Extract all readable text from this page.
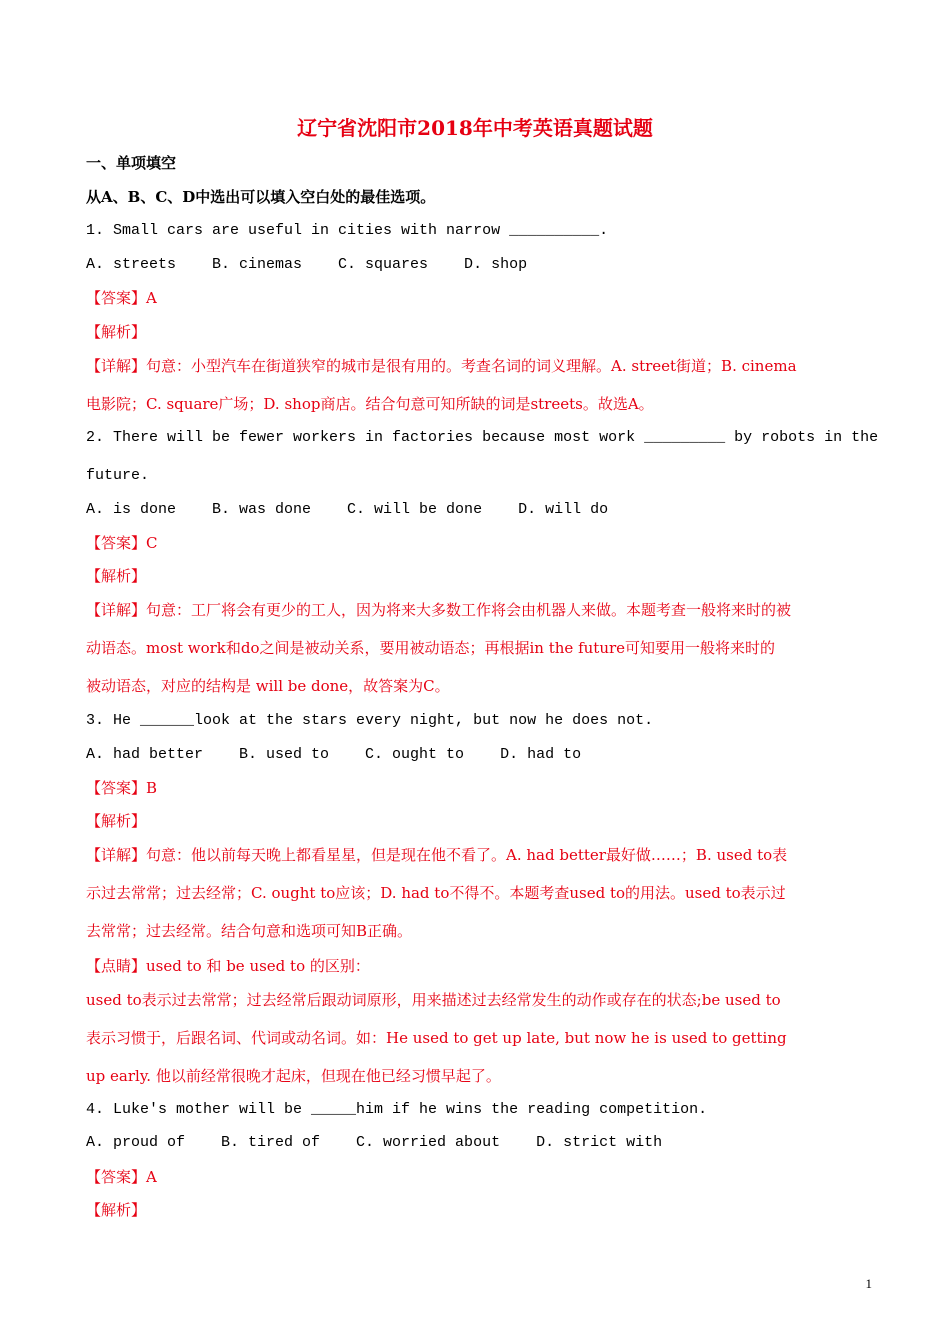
辽宁省沈阳市2018年中考英语真题试题
一、单项填空
从A、B、C、D中选出可以填入空白处的最佳选项。
1. Small cars are useful in cities with narrow __________.
A. streets    B. cinemas    C. squares    D. shop
【答案】A
【解析】
【详解】句意：小型汽车在街道狭窄的城市是很有用的。考查名词的词义理解。A. street街道；B. cinema
电影院；C. square广场；D. shop商店。结合句意可知所缺的词是streets。故选A。
2. There will be fewer workers in factories because most work _________ by robots in the
future.
A. is done    B. was done    C. will be done    D. will do
【答案】C
【解析】
【详解】句意：工厂将会有更少的工人，因为将来大多数工作将会由机器人来做。本题考查一般将来时的被
动语态。most work和do之间是被动关系，要用被动语态；再根据in the future可知要用一般将来时的
被动语态，对应的结构是 will be done，故答案为C。
3. He ______look at the stars every night, but now he does not.
A. had better    B. used to    C. ought to    D. had to
【答案】B
【解析】
【详解】句意：他以前每天晚上都看星星，但是现在他不看了。A. had better最好做……；B. used to表
示过去常常；过去经常；C. ought to应该；D. had to不得不。本题考查used to的用法。used to表示过
去常常；过去经常。结合句意和选项可知B正确。
【点睛】used to 和 be used to 的区别：
used to表示过去常常；过去经常后跟动词原形，用来描述过去经常发生的动作或存在的状态;be used to
表示习惯于，后跟名词、代词或动名词。如：He used to get up late, but now he is used to getting
up early. 他以前经常很晚才起床，但现在他已经习惯早起了。
4. Luke's mother will be _____him if he wins the reading competition.
A. proud of    B. tired of    C. worried about    D. strict with
【答案】A
【解析】
1
